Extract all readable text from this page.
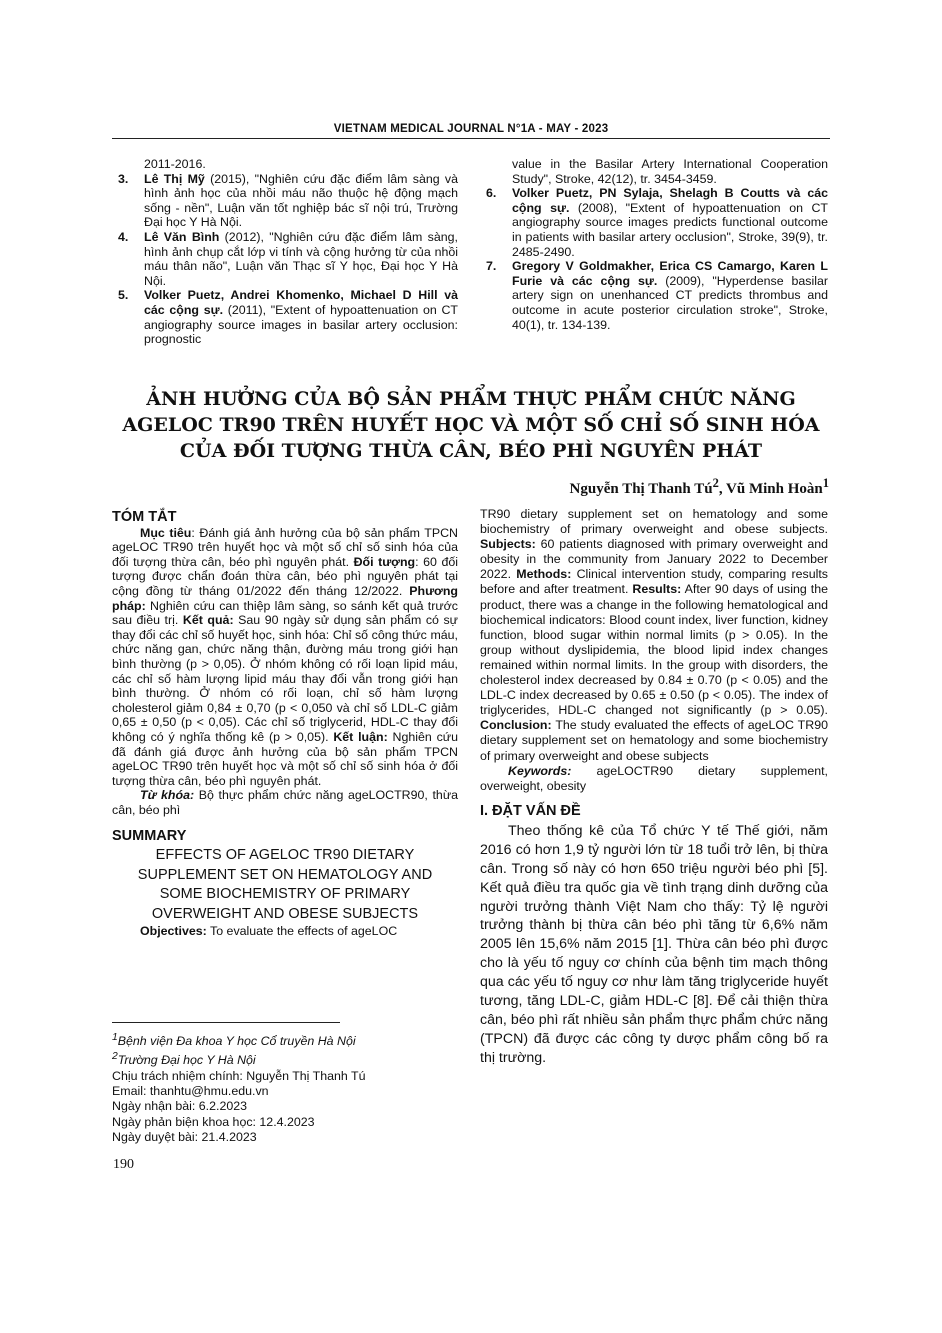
VIETNAM MEDICAL JOURNAL N°1A - MAY - 2023

2011-2016.

3. Lê Thị Mỹ (2015), "Nghiên cứu đặc điểm lâm sàng và hình ảnh học của nhồi máu não thuộc hệ động mạch sống - nền", Luận văn tốt nghiệp bác sĩ nội trú, Trường Đại học Y Hà Nội.

4. Lê Văn Bình (2012), "Nghiên cứu đặc điểm lâm sàng, hình ảnh chụp cắt lớp vi tính và cộng hưởng từ của nhồi máu thân não", Luận văn Thạc sĩ Y học, Đại học Y Hà Nội.

5. Volker Puetz, Andrei Khomenko, Michael D Hill và các cộng sự. (2011), "Extent of hypoattenuation on CT angiography source images in basilar artery occlusion: prognostic

value in the Basilar Artery International Cooperation Study", Stroke, 42(12), tr. 3454-3459.

6. Volker Puetz, PN Sylaja, Shelagh B Coutts và các cộng sự. (2008), "Extent of hypoattenuation on CT angiography source images predicts functional outcome in patients with basilar artery occlusion", Stroke, 39(9), tr. 2485-2490.

7. Gregory V Goldmakher, Erica CS Camargo, Karen L Furie và các cộng sự. (2009), "Hyperdense basilar artery sign on unenhanced CT predicts thrombus and outcome in acute posterior circulation stroke", Stroke, 40(1), tr. 134-139.

ẢNH HƯỞNG CỦA BỘ SẢN PHẨM THỰC PHẨM CHỨC NĂNG
AGELOC TR90 TRÊN HUYẾT HỌC VÀ MỘT SỐ CHỈ SỐ SINH HÓA
CỦA ĐỐI TƯỢNG THỪA CÂN, BÉO PHÌ NGUYÊN PHÁT
Nguyễn Thị Thanh $Tú^2$, Vũ Minh Hoàn$^1$
TÓM TẮT

Mục tiêu: Đánh giá ảnh hưởng của bộ sản phẩm TPCN ageLOC TR90 trên huyết học và một số chỉ số sinh hóa của đối tượng thừa cân, béo phì nguyên phát. Đối tượng: 60 đối tượng được chẩn đoán thừa cân, béo phì nguyên phát tại cộng đồng từ tháng 01/2022 đến tháng 12/2022. Phương pháp: Nghiên cứu can thiệp lâm sàng, so sánh kết quả trước sau điều trị. Kết quả: Sau 90 ngày sử dụng sản phẩm có sự thay đổi các chỉ số huyết học, sinh hóa: Chỉ số công thức máu, chức năng gan, chức năng thận, đường máu trong giới hạn bình thường (p > 0,05). Ở nhóm không có rối loạn lipid máu, các chỉ số hàm lượng lipid máu thay đổi vẫn trong giới hạn bình thường. Ở nhóm có rối loạn, chỉ số hàm lượng cholesterol giảm 0,84 ± 0,70 (p < 0,050 và chỉ số LDL-C giảm 0,65 ± 0,50 (p < 0,05). Các chỉ số triglycerid, HDL-C thay đổi không có ý nghĩa thống kê (p > 0,05). Kết luận: Nghiên cứu đã đánh giá được ảnh hưởng của bộ sản phẩm TPCN ageLOC TR90 trên huyết học và một số chỉ số sinh hóa ở đối tượng thừa cân, béo phì nguyên phát.

Từ khóa: Bộ thực phẩm chức năng ageLOCTR90, thừa cân, béo phì

SUMMARY
EFFECTS OF AGELOC TR90 DIETARY
SUPPLEMENT SET ON HEMATOLOGY AND
SOME BIOCHEMISTRY OF PRIMARY
OVERWEIGHT AND OBESE SUBJECTS

Objectives: To evaluate the effects of ageLOC

TR90 dietary supplement set on hematology and some biochemistry of primary overweight and obese subjects. Subjects: 60 patients diagnosed with primary overweight and obesity in the community from January 2022 to December 2022. Methods: Clinical intervention study, comparing results before and after treatment. Results: After 90 days of using the product, there was a change in the following hematological and biochemical indicators: Blood count index, liver function, kidney function, blood sugar within normal limits (p > 0.05). In the group without dyslipidemia, the blood lipid index changes remained within normal limits. In the group with disorders, the cholesterol index decreased by 0.84 ± 0.70 (p < 0.05) and the LDL-C index decreased by 0.65 ± 0.50 (p < 0.05). The index of triglycerides, HDL-C changed not significantly (p > 0.05). Conclusion: The study evaluated the effects of ageLOC TR90 dietary supplement set on hematology and some biochemistry of primary overweight and obese subjects

Keywords: ageLOCTR90 dietary supplement, overweight, obesity

I. ĐẶT VẤN ĐỀ

Theo thống kê của Tổ chức Y tế Thế giới, năm 2016 có hơn 1,9 tỷ người lớn từ 18 tuổi trở lên, bị thừa cân. Trong số này có hơn 650 triệu người béo phì [5]. Kết quả điều tra quốc gia về tình trạng dinh dưỡng của người trưởng thành Việt Nam cho thấy: Tỷ lệ người trưởng thành bị thừa cân béo phì tăng từ 6,6% năm 2005 lên 15,6% năm 2015 [1]. Thừa cân béo phì được cho là yếu tố nguy cơ chính của bệnh tim mạch thông qua các yếu tố nguy cơ như làm tăng triglyceride huyết tương, tăng LDL-C, giảm HDL-C [8]. Để cải thiện thừa cân, béo phì rất nhiều sản phẩm thực phẩm chức năng (TPCN) đã được các công ty dược phẩm công bố ra thị trường.

$^1$Bệnh viện Đa khoa Y học Cổ truyền Hà Nội
$^2$Trường Đại học Y Hà Nội
Chịu trách nhiệm chính: Nguyễn Thị Thanh Tú
Email: thanhtu@hmu.edu.vn
Ngày nhận bài: 6.2.2023
Ngày phản biện khoa học: 12.4.2023
Ngày duyệt bài: 21.4.2023
190
